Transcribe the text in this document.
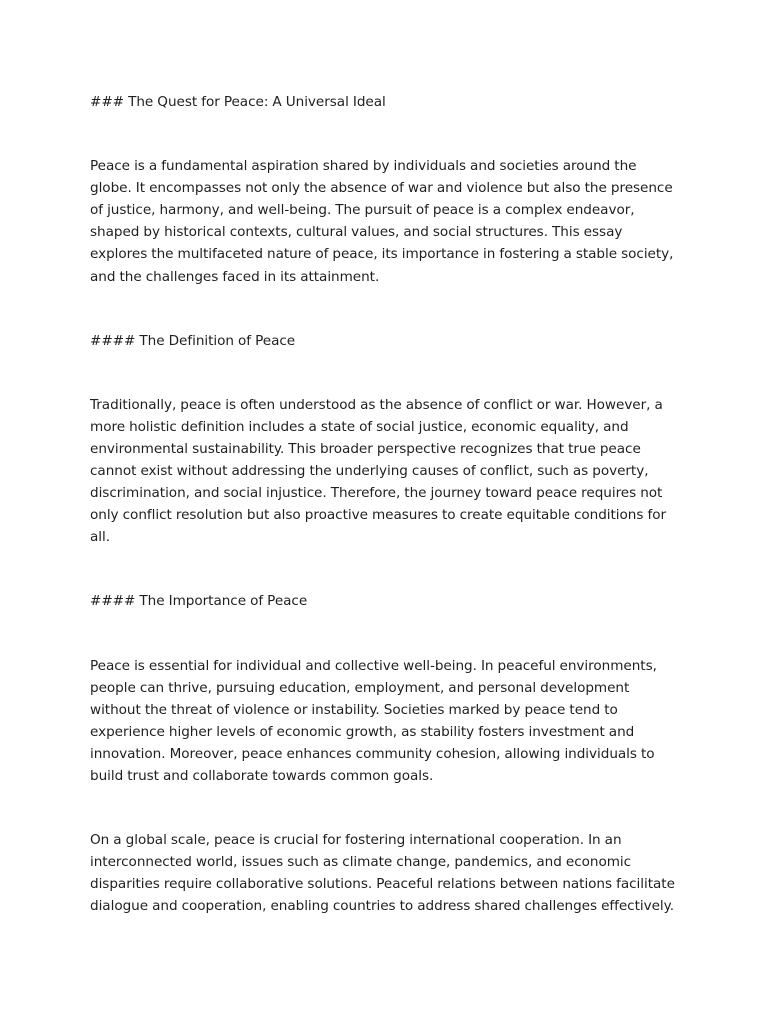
### The Quest for Peace: A Universal Ideal

Peace is a fundamental aspiration shared by individuals and societies around the globe. It encompasses not only the absence of war and violence but also the presence of justice, harmony, and well-being. The pursuit of peace is a complex endeavor, shaped by historical contexts, cultural values, and social structures. This essay explores the multifaceted nature of peace, its importance in fostering a stable society, and the challenges faced in its attainment.

#### The Definition of Peace

Traditionally, peace is often understood as the absence of conflict or war. However, a more holistic definition includes a state of social justice, economic equality, and environmental sustainability. This broader perspective recognizes that true peace cannot exist without addressing the underlying causes of conflict, such as poverty, discrimination, and social injustice. Therefore, the journey toward peace requires not only conflict resolution but also proactive measures to create equitable conditions for all.

#### The Importance of Peace

Peace is essential for individual and collective well-being. In peaceful environments, people can thrive, pursuing education, employment, and personal development without the threat of violence or instability. Societies marked by peace tend to experience higher levels of economic growth, as stability fosters investment and innovation. Moreover, peace enhances community cohesion, allowing individuals to build trust and collaborate towards common goals.

On a global scale, peace is crucial for fostering international cooperation. In an interconnected world, issues such as climate change, pandemics, and economic disparities require collaborative solutions. Peaceful relations between nations facilitate dialogue and cooperation, enabling countries to address shared challenges effectively.
